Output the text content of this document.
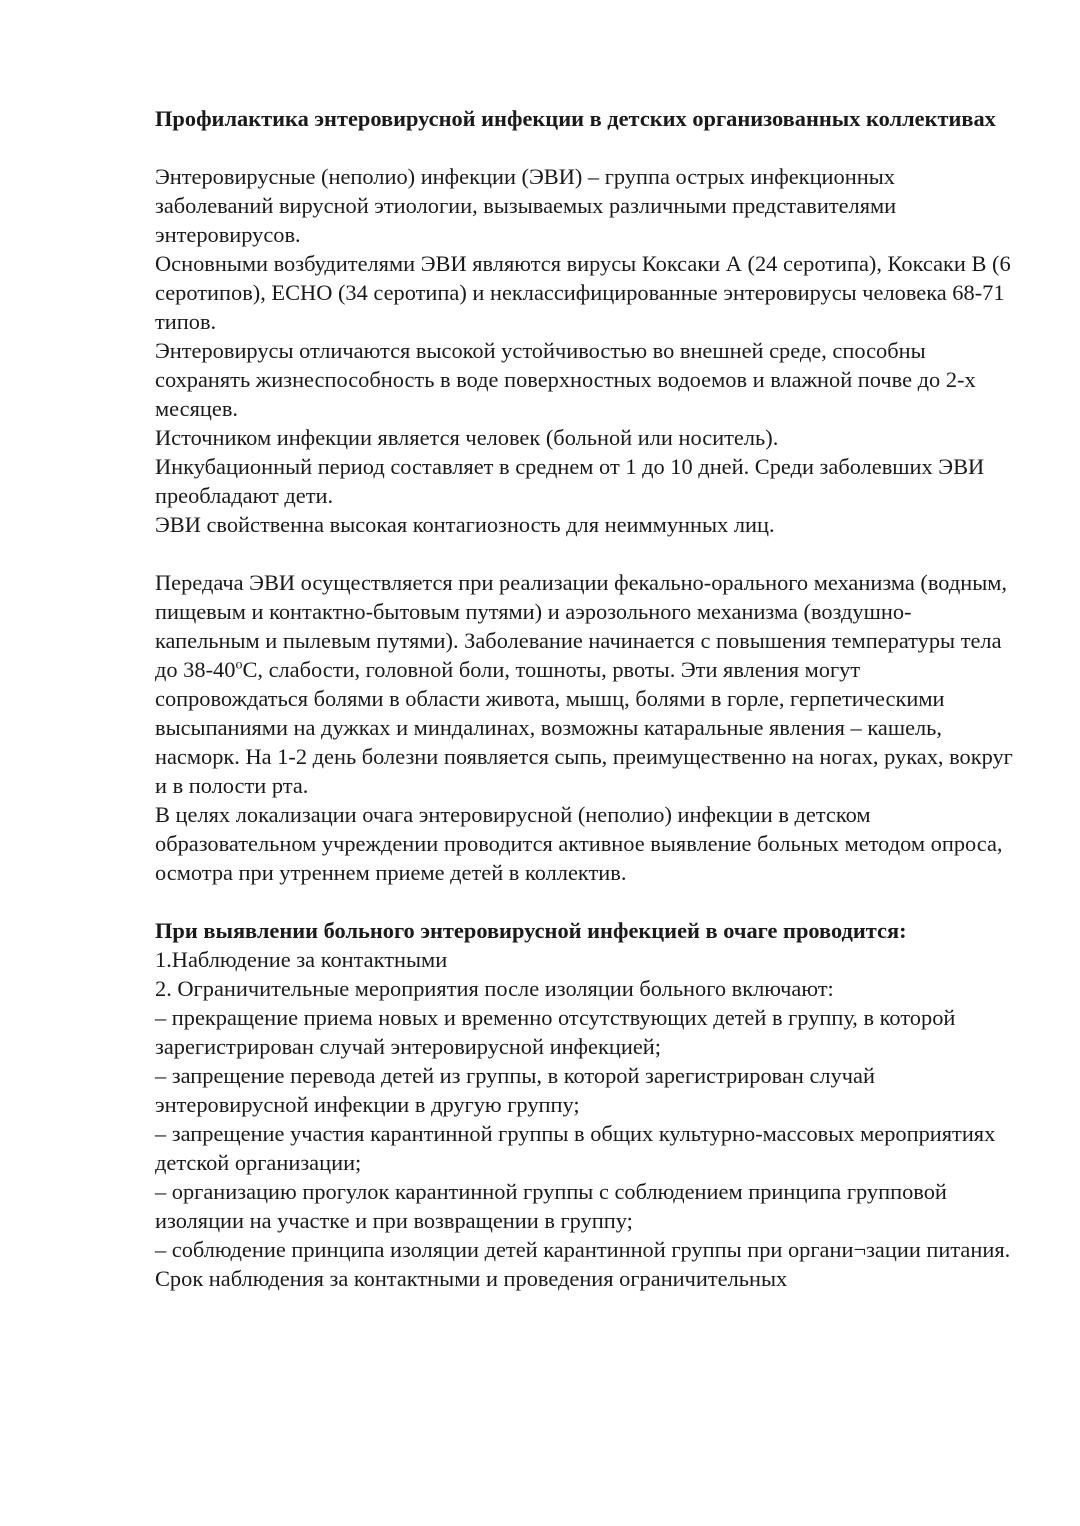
Профилактика энтеровирусной инфекции в детских организованных коллективах

Энтеровирусные (неполио) инфекции (ЭВИ) – группа острых инфекционных заболеваний вирусной этиологии, вызываемых различными представителями энтеровирусов.

Основными возбудителями ЭВИ являются вирусы Коксаки А (24 серотипа), Коксаки В (6 серотипов), ЕСНО (34 серотипа) и неклассифицированные энтеровирусы человека 68-71 типов.

Энтеровирусы отличаются высокой устойчивостью во внешней среде, способны сохранять жизнеспособность в воде поверхностных водоемов и влажной почве до 2-х месяцев.

Источником инфекции является человек (больной или носитель).

Инкубационный период составляет в среднем от 1 до 10 дней. Среди заболевших ЭВИ преобладают дети.

ЭВИ свойственна высокая контагиозность для неиммунных лиц.

Передача ЭВИ осуществляется при реализации фекально-орального механизма (водным, пищевым и контактно-бытовым путями) и аэрозольного механизма (воздушно-капельным и пылевым путями). Заболевание начинается с повышения температуры тела до 38-40$^o$С, слабости, головной боли, тошноты, рвоты. Эти явления могут сопровождаться болями в области живота, мышц, болями в горле, герпетическими высыпаниями на дужках и миндалинах, возможны катаральные явления – кашель, насморк. На 1-2 день болезни появляется сыпь, преимущественно на ногах, руках, вокруг и в полости рта.

В целях локализации очага энтеровирусной (неполио) инфекции в детском образовательном учреждении проводится активное выявление больных методом опроса, осмотра при утреннем приеме детей в коллектив.

При выявлении больного энтеровирусной инфекцией в очаге проводится:

1.Наблюдение за контактными

2. Ограничительные мероприятия после изоляции больного включают:

– прекращение приема новых и временно отсутствующих детей в группу, в которой зарегистрирован случай энтеровирусной инфекцией;

– запрещение перевода детей из группы, в которой зарегистрирован случай энтеровирусной инфекции в другую группу;

– запрещение участия карантинной группы в общих культурно-массовых мероприятиях детской организации;

– организацию прогулок карантинной группы с соблюдением принципа групповой изоляции на участке и при возвращении в группу;

– соблюдение принципа изоляции детей карантинной группы при органи¬зации питания.

Срок наблюдения за контактными и проведения ограничительных
